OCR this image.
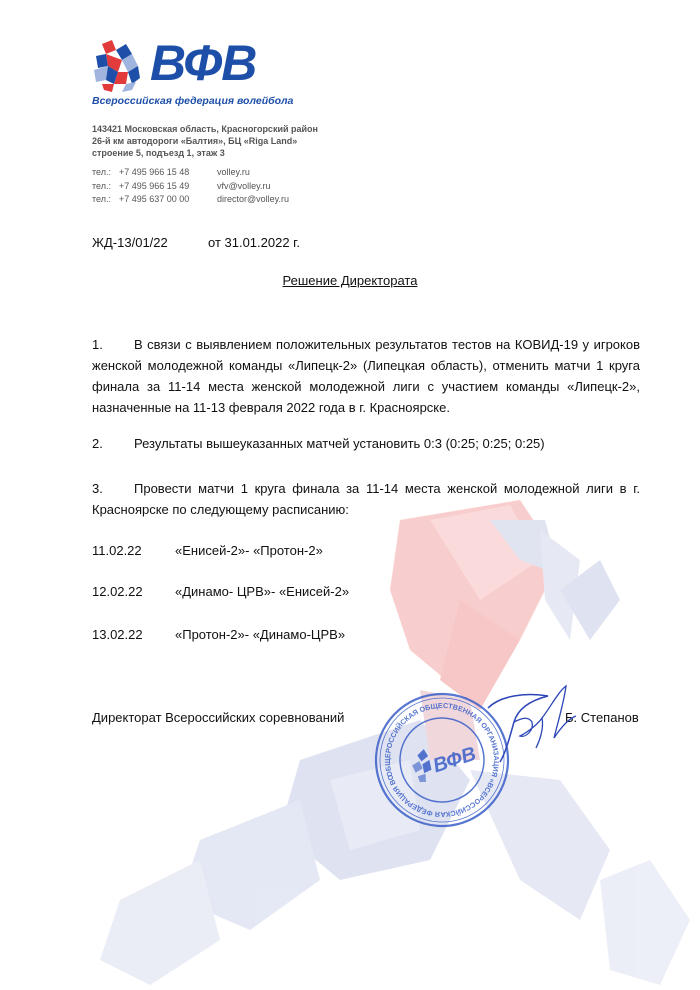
ВФВ
Всероссийская федерация волейбола
143421 Московская область, Красногорский район
26-й км автодороги «Балтия», БЦ «Riga Land»
строение 5, подъезд 1, этаж 3
тел.: +7 495 966 15 48	volley.ru
тел.: +7 495 966 15 49	vfv@volley.ru
тел.: +7 495 637 00 00	director@volley.ru
ЖД-13/01/22	от 31.01.2022 г.
Решение Директората
1.	В связи с выявлением положительных результатов тестов на КОВИД-19 у игроков женской молодежной команды «Липецк-2» (Липецкая область), отменить матчи 1 круга финала за 11-14 места женской молодежной лиги с участием команды «Липецк-2», назначенные на 11-13 февраля 2022 года в г. Красноярске.
2.	Результаты вышеуказанных матчей установить 0:3 (0:25; 0:25; 0:25)
3.	Провести матчи 1 круга финала за 11-14 места женской молодежной лиги в г. Красноярске по следующему расписанию:
11.02.22	«Енисей-2»- «Протон-2»
12.02.22 «Динамо- ЦРВ»- «Енисей-2»
13.02.22 «Протон-2»- «Динамо-ЦРВ»
Директорат Всероссийских соревнований	Б. Степанов
ОБЩЕРОССИЙСКАЯ ОБЩЕСТВЕННАЯ ОРГАНИЗАЦИЯ «ВСЕРОССИЙСКАЯ ФЕДЕРАЦИЯ ВОЛЕЙБОЛА»
ВФВ
